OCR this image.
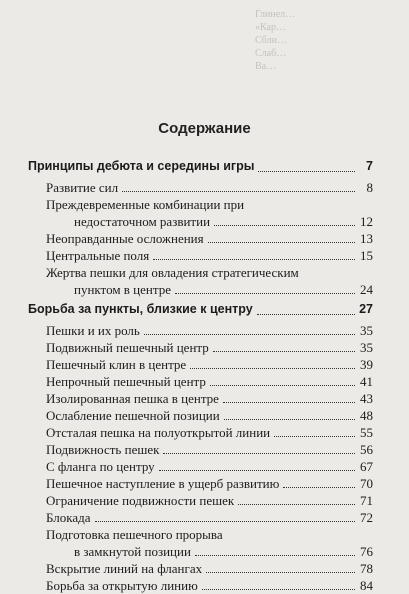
Глинел…
«Кар…
Сбли…
Слаб…
Ва…
Содержание
Принципы дебюта и середины игры	7
Развитие сил	8
Преждевременные комбинации при
недостаточном развитии	12
Неоправданные осложнения	13
Центральные поля	15
Жертва пешки для овладения стратегическим
пунктом в центре	24
Борьба за пункты, близкие к центру	27
Пешки и их роль	35
Подвижный пешечный центр	35
Пешечный клин в центре	39
Непрочный пешечный центр	41
Изолированная пешка в центре	43
Ослабление пешечной позиции	48
Отсталая пешка на полуоткрытой линии	55
Подвижность пешек	56
С фланга по центру	67
Пешечное наступление в ущерб развитию	70
Ограничение подвижности пешек	71
Блокада	72
Подготовка пешечного прорыва
в замкнутой позиции	76
Вскрытие линий на флангах	78
Борьба за открытую линию	84
